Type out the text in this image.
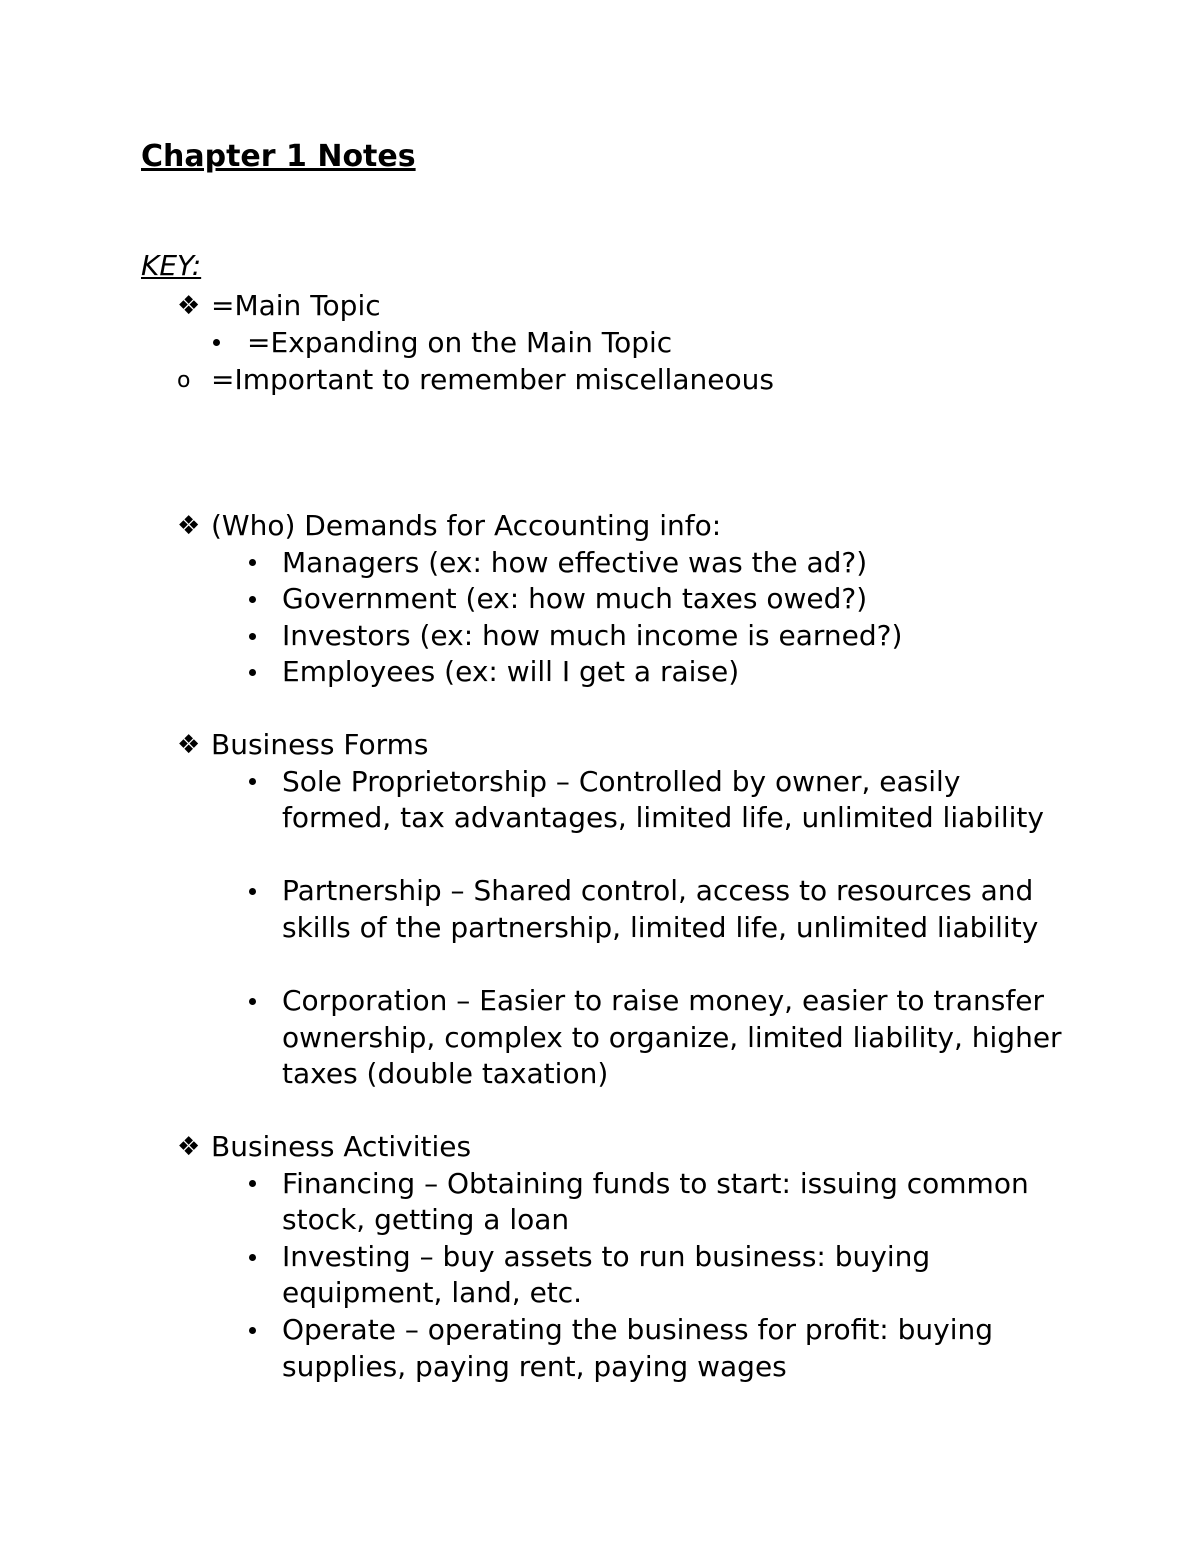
Chapter 1 Notes
KEY:
❖ =Main Topic
=Expanding on the Main Topic
o =Important to remember miscellaneous
❖ (Who) Demands for Accounting info:
Managers (ex: how effective was the ad?)
Government (ex: how much taxes owed?)
Investors (ex: how much income is earned?)
Employees (ex: will I get a raise)
❖ Business Forms
Sole Proprietorship – Controlled by owner, easily formed, tax advantages, limited life, unlimited liability
Partnership – Shared control, access to resources and skills of the partnership, limited life, unlimited liability
Corporation – Easier to raise money, easier to transfer ownership, complex to organize, limited liability, higher taxes (double taxation)
❖ Business Activities
Financing – Obtaining funds to start: issuing common stock, getting a loan
Investing – buy assets to run business: buying equipment, land, etc.
Operate – operating the business for profit: buying supplies, paying rent, paying wages
